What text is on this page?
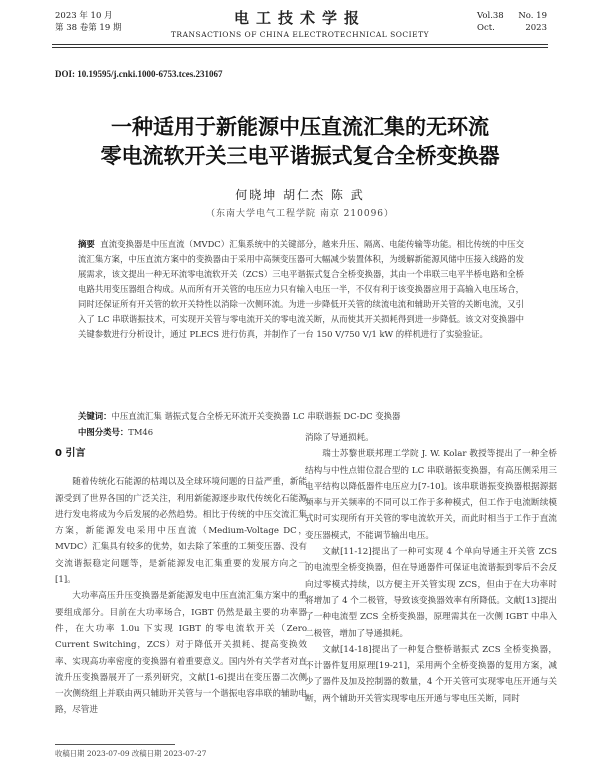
2023 年 10 月
第 38 卷第 19 期
电工技术学报
TRANSACTIONS OF CHINA ELECTROTECHNICAL SOCIETY
Vol.38 No. 19
Oct.	2023
DOI: 10.19595/j.cnki.1000-6753.tces.231067
一种适用于新能源中压直流汇集的无环流
零电流软开关三电平谐振式复合全桥变换器
何晓坤 胡仁杰 陈 武
（东南大学电气工程学院 南京 210096）
摘要 直流变换器是中压直流（MVDC）汇集系统中的关键部分，越来升压、隔离、电能传输等功能。相比传统的中压交流汇集方案，中压直流方案中的变换器由于采用中高频变压器可大幅减少装置体积，为缓解新能源风储中压接入线路的发展需求，该文提出一种无环流零电流软开关（ZCS）三电平谐振式复合全桥变换器，其由一个串联三电平半桥电路和全桥电路共用变压器组合构成。从而所有开关管的电压应力只有输入电压一半，不仅有利于该变换器应用于高输入电压场合，同时还保证所有开关管的软开关特性以消除一次侧环流。为进一步降低开关管的续流电流和辅助开关管的关断电流，又引入了 LC 串联谐振技术，可实现开关管与零电流开关的零电流关断，从而使其开关损耗得到进一步降低。该文对变换器中关键参数进行分析设计，通过 PLECS 进行仿真，并制作了一台 150 V/750 V/1 kW 的样机进行了实验验证。
关键词：中压直流汇集 谐振式复合全桥无环流开关变换器 LC 串联谐振 DC-DC 变换器
中图分类号：TM46
0 引言

随着传统化石能源的枯竭以及全球环境问题的日益严重，新能源受到了世界各国的广泛关注，利用新能源逐步取代传统化石能源进行发电将成为今后发展的必然趋势。相比于传统的中压交流汇集方案，新能源发电采用中压直流（Medium-Voltage DC，MVDC）汇集具有较多的优势，如去除了笨重的工频变压器、没有交流谐振稳定问题等，是新能源发电汇集重要的发展方向之一[1]。

大功率高压升压变换器是新能源发电中压直流汇集方案中的重要组成部分。目前在大功率场合，IGBT 仍然是最主要的功率器件，在大功率 1.0u 下实现 IGBT 的零电流软开关（Zero Current Switching，ZCS）对于降低开关损耗、提高变换效率、实现高功率密度的变换器有着重要意义。国内外有关学者对直流升压变换器展开了一系列研究，文献[1-6]提出在变压器二次侧一次侧绕组上并联由两只辅助开关管与一个谐振电容串联的辅助电路，尽管进

消除了导通损耗。

瑞士苏黎世联邦理工学院 J. W. Kolar 教授等提出了一种全桥结构与中性点钳位混合型的 LC 串联谐振变换器，有高压侧采用三电平结构以降低器件电压应力[7-10]。该串联谐振变换器根据源据频率与开关频率的不同可以工作于多种模式，但工作于电流断续模式时可实现所有开关管的零电流软开关，而此时相当于工作于直流变压器模式，不能调节输出电压。

文献[11-12]提出了一种可实现 4 个单向导通主开关管 ZCS 的电流型全桥变换器，但在导通器件可保证电流谐振到零后不会反向过零模式持续，以方便主开关管实现 ZCS，但由于在大功率时将增加了 4 个二极管，导致该变换器效率有所降低。文献[13]提出了一种电流型 ZCS 全桥变换器，原理需其在一次侧 IGBT 中串入二极管，增加了导通损耗。

文献[14-18]提出了一种复合整桥谐振式 ZCS 全桥变换器，不计器件复用原理[19-21]，采用两个全桥变换器的复用方案，减少了器件及加及控制器的数量，4 个开关管可实现零电压开通与关断，两个辅助开关管实现零电压开通与零电压关断，同时

收稿日期 2023-07-09 改稿日期 2023-07-27
